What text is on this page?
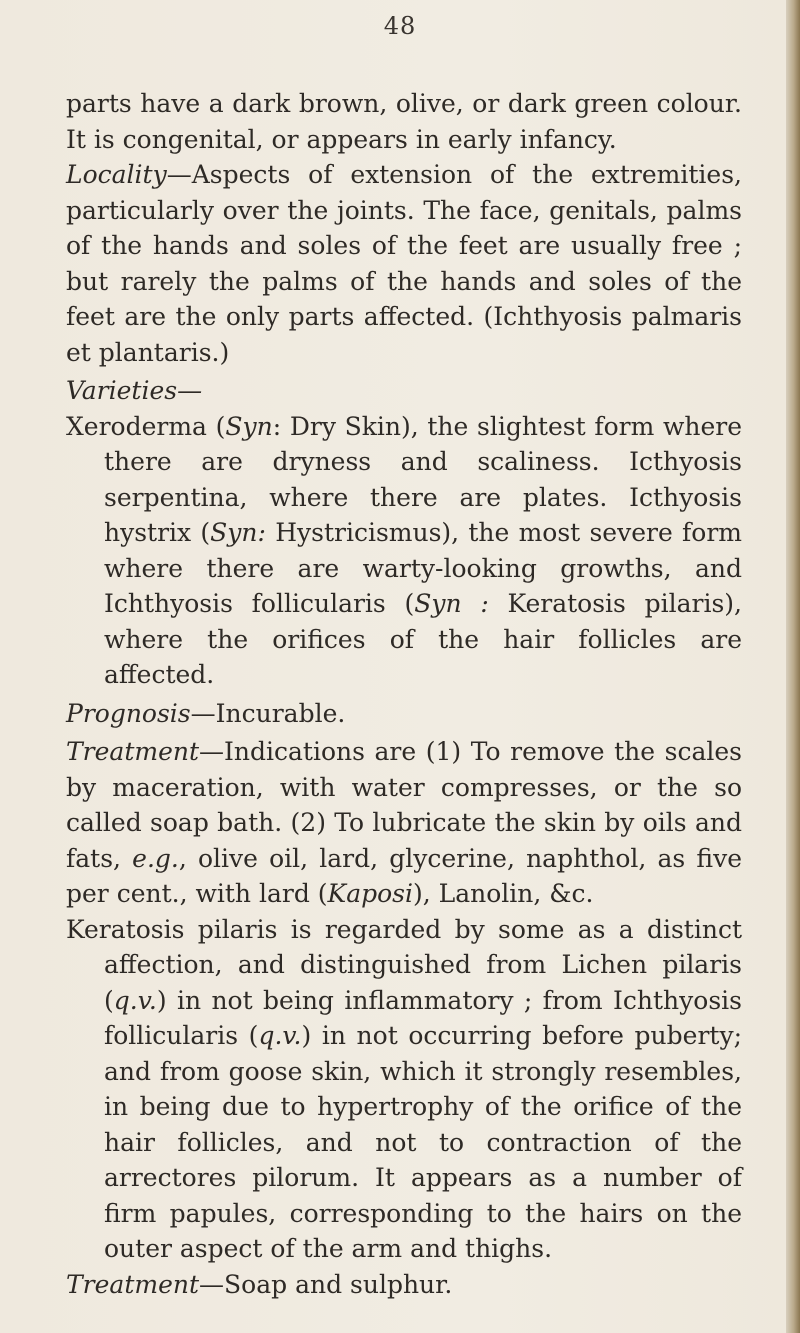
48

parts have a dark brown, olive, or dark green colour. It is congenital, or appears in early infancy.

Locality—Aspects of extension of the extremities, particularly over the joints. The face, genitals, palms of the hands and soles of the feet are usually free ; but rarely the palms of the hands and soles of the feet are the only parts affected. (Ichthyosis palmaris et plantaris.)

Varieties—

Xeroderma (Syn: Dry Skin), the slightest form where there are dryness and scaliness. Icthyosis serpentina, where there are plates. Icthyosis hystrix (Syn: Hystricismus), the most severe form where there are warty-looking growths, and Ichthyosis follicularis (Syn : Keratosis pilaris), where the orifices of the hair follicles are affected.

Prognosis—Incurable.

Treatment—Indications are (1) To remove the scales by maceration, with water compresses, or the so called soap bath. (2) To lubricate the skin by oils and fats, e.g., olive oil, lard, glycerine, naphthol, as five per cent., with lard (Kaposi), Lanolin, &c.

Keratosis pilaris is regarded by some as a distinct affection, and distinguished from Lichen pilaris (q.v.) in not being inflammatory ; from Ichthyosis follicularis (q.v.) in not occurring before puberty; and from goose skin, which it strongly resembles, in being due to hypertrophy of the orifice of the hair follicles, and not to contraction of the arrectores pilorum. It appears as a number of firm papules, corresponding to the hairs on the outer aspect of the arm and thighs.

Treatment—Soap and sulphur.
